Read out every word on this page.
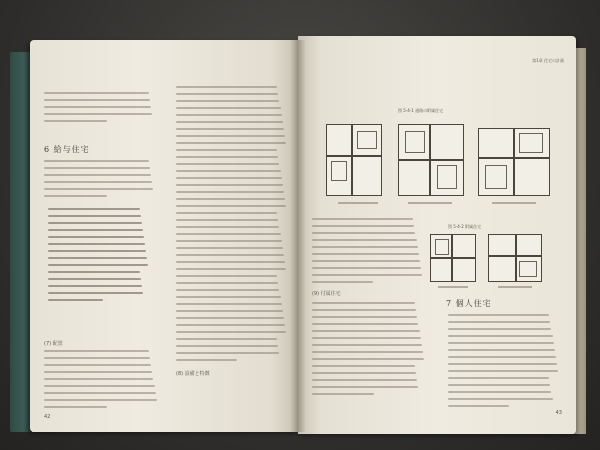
6 給与住宅
(7) 配置
(8) 設備と特徴
42
第1章 住宅の計画
図 5-4-1 通路の附属住宅
図 5-4-2 附属住宅
(9) 付属住宅
7 個人住宅
43
